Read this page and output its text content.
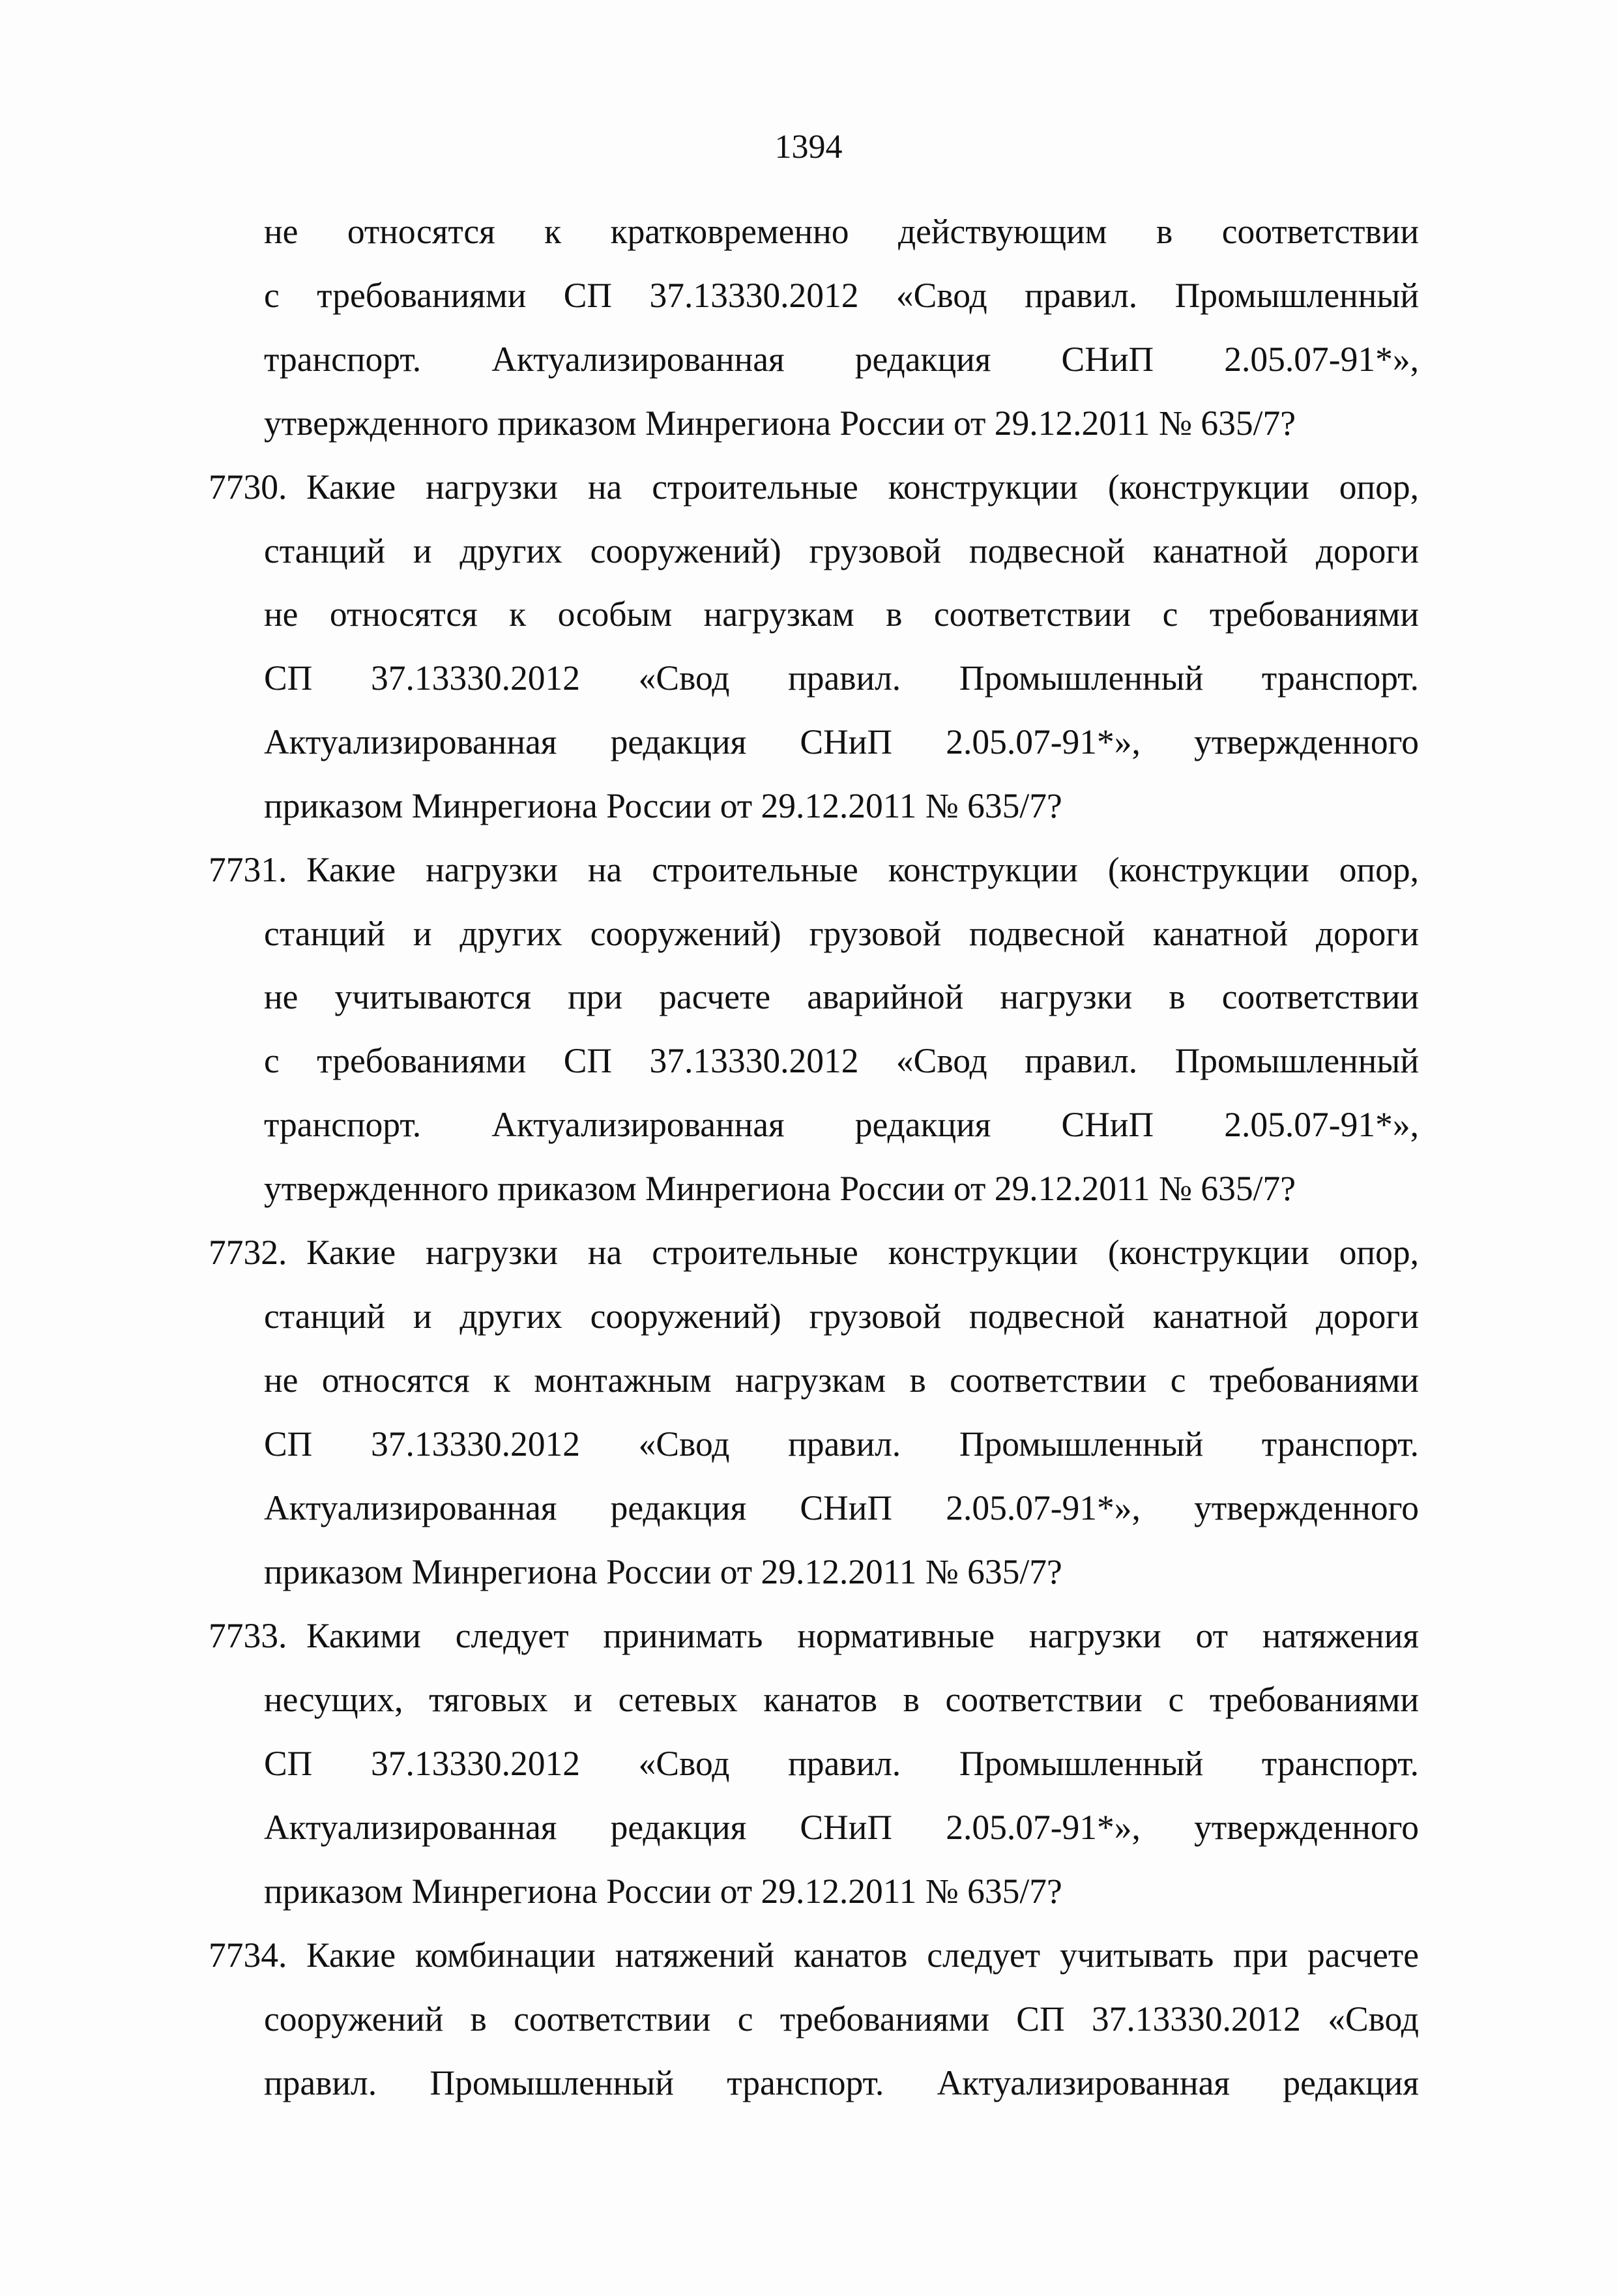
1394
не относятся к кратковременно действующим в соответствии
с требованиями СП 37.13330.2012 «Свод правил. Промышленный
транспорт. Актуализированная редакция СНиП 2.05.07-91*»,
утвержденного приказом Минрегиона России от 29.12.2011 № 635/7?
7730. Какие нагрузки на строительные конструкции (конструкции опор,
станций и других сооружений) грузовой подвесной канатной дороги
не относятся к особым нагрузкам в соответствии с требованиями
СП 37.13330.2012 «Свод правил. Промышленный транспорт.
Актуализированная редакция СНиП 2.05.07-91*», утвержденного
приказом Минрегиона России от 29.12.2011 № 635/7?
7731. Какие нагрузки на строительные конструкции (конструкции опор,
станций и других сооружений) грузовой подвесной канатной дороги
не учитываются при расчете аварийной нагрузки в соответствии
с требованиями СП 37.13330.2012 «Свод правил. Промышленный
транспорт. Актуализированная редакция СНиП 2.05.07-91*»,
утвержденного приказом Минрегиона России от 29.12.2011 № 635/7?
7732. Какие нагрузки на строительные конструкции (конструкции опор,
станций и других сооружений) грузовой подвесной канатной дороги
не относятся к монтажным нагрузкам в соответствии с требованиями
СП 37.13330.2012 «Свод правил. Промышленный транспорт.
Актуализированная редакция СНиП 2.05.07-91*», утвержденного
приказом Минрегиона России от 29.12.2011 № 635/7?
7733. Какими следует принимать нормативные нагрузки от натяжения
несущих, тяговых и сетевых канатов в соответствии с требованиями
СП 37.13330.2012 «Свод правил. Промышленный транспорт.
Актуализированная редакция СНиП 2.05.07-91*», утвержденного
приказом Минрегиона России от 29.12.2011 № 635/7?
7734. Какие комбинации натяжений канатов следует учитывать при расчете
сооружений в соответствии с требованиями СП 37.13330.2012 «Свод
правил. Промышленный транспорт. Актуализированная редакция
